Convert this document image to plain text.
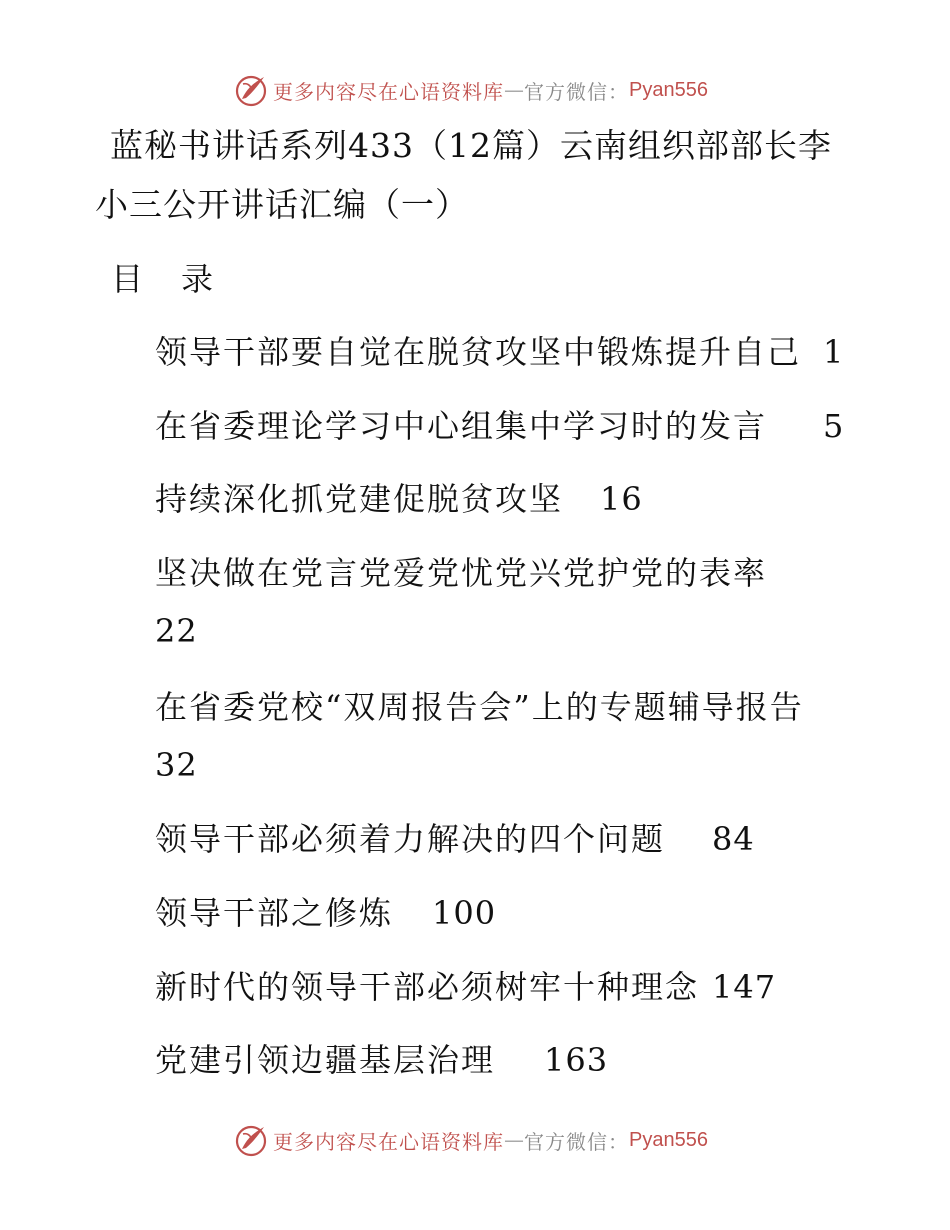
更多内容尽在心语资料库 — 官方微信： Pyan556
蓝秘书讲话系列433（12篇）云南组织部部长李
小三公开讲话汇编（一）
目 录
领导干部要自觉在脱贫攻坚中锻炼提升自己 1
在省委理论学习中心组集中学习时的发言 5
持续深化抓党建促脱贫攻坚 16
坚决做在党言党爱党忧党兴党护党的表率
22
在省委党校“双周报告会”上的专题辅导报告
32
领导干部必须着力解决的四个问题 84
领导干部之修炼 100
新时代的领导干部必须树牢十种理念 147
党建引领边疆基层治理 163
更多内容尽在心语资料库 — 官方微信： Pyan556
